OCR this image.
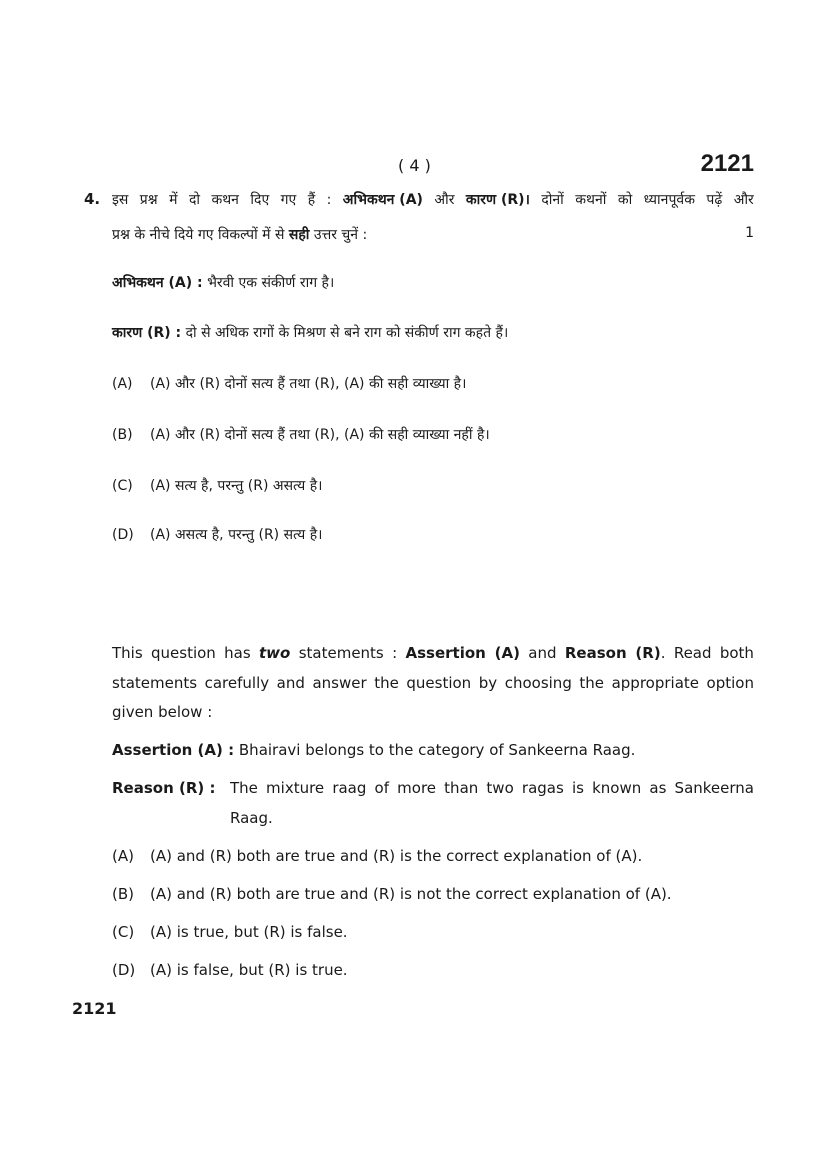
( 4 )	2121
4. इस प्रश्न में दो कथन दिए गए हैं : अभिकथन (A) और कारण (R)। दोनों कथनों को ध्यानपूर्वक पढ़ें और
प्रश्न के नीचे दिये गए विकल्पों में से सही उत्तर चुनें :	1
अभिकथन (A) : भैरवी एक संकीर्ण राग है।
कारण (R) : दो से अधिक रागों के मिश्रण से बने राग को संकीर्ण राग कहते हैं।
(A) (A) और (R) दोनों सत्य हैं तथा (R), (A) की सही व्याख्या है।
(B) (A) और (R) दोनों सत्य हैं तथा (R), (A) की सही व्याख्या नहीं है।
(C) (A) सत्य है, परन्तु (R) असत्य है।
(D) (A) असत्य है, परन्तु (R) सत्य है।
This question has two statements : Assertion (A) and Reason (R). Read both statements carefully and answer the question by choosing the appropriate option given below :
Assertion (A) : Bhairavi belongs to the category of Sankeerna Raag.
Reason (R) : The mixture raag of more than two ragas is known as Sankeerna Raag.
(A) (A) and (R) both are true and (R) is the correct explanation of (A).
(B) (A) and (R) both are true and (R) is not the correct explanation of (A).
(C) (A) is true, but (R) is false.
(D) (A) is false, but (R) is true.
2121
